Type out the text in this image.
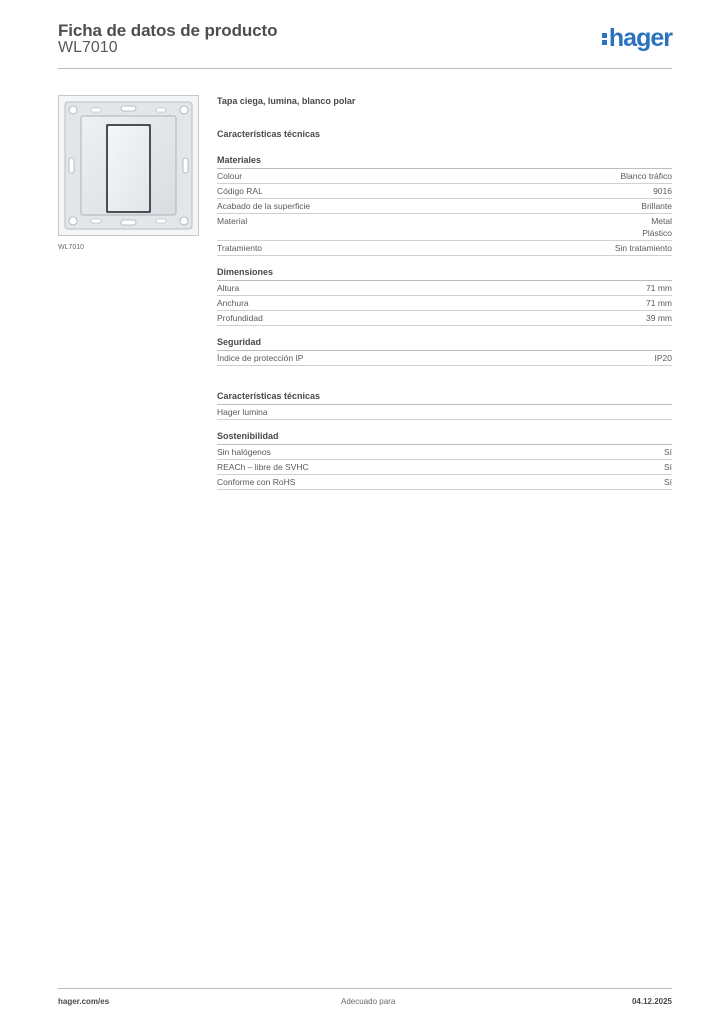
Ficha de datos de producto
WL7010	hager
WL7010
Tapa ciega, lumina, blanco polar
Características técnicas
Materiales
Colour	Blanco tráfico
Código RAL	9016
Acabado de la superficie	Brillante
Material	Metal
Plástico
Tratamiento	Sin tratamiento
Dimensiones
Altura	71 mm
Anchura	71 mm
Profundidad	39 mm
Seguridad
Índice de protección IP	IP20
Características técnicas
Hager lumina
Sostenibilidad
Sin halógenos	Sí
REACh – libre de SVHC	Sí
Conforme con RoHS	Sí
hager.com/es	Adecuado para	04.12.2025
